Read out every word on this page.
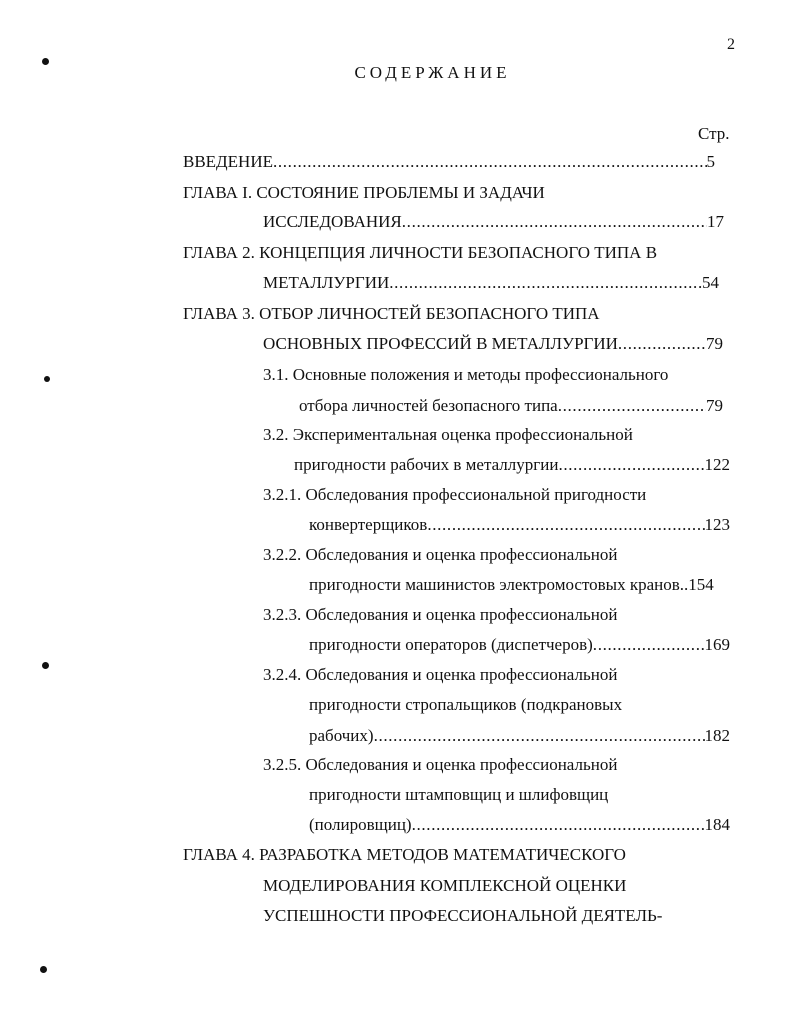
2
СОДЕРЖАНИЕ
Стр.
ВВЕДЕНИЕ . . .	5
ГЛАВА I. СОСТОЯНИЕ ПРОБЛЕМЫ И ЗАДАЧИ
ИССЛЕДОВАНИЯ . . .	17
ГЛАВА 2. КОНЦЕПЦИЯ ЛИЧНОСТИ БЕЗОПАСНОГО ТИПА В
МЕТАЛЛУРГИИ . . .	54
ГЛАВА 3. ОТБОР ЛИЧНОСТЕЙ БЕЗОПАСНОГО ТИПА
ОСНОВНЫХ ПРОФЕССИЙ В МЕТАЛЛУРГИИ . . .	79
3.1. Основные положения и методы профессионального
отбора личностей безопасного типа . . .	79
3.2. Экспериментальная оценка профессиональной
пригодности рабочих в металлургии . . .	122
3.2.1. Обследования профессиональной пригодности
конвертерщиков . . .	123
3.2.2. Обследования и оценка профессиональной
пригодности машинистов электромостовых кранов.. 154
3.2.3. Обследования и оценка профессиональной
пригодности операторов (диспетчеров) . . .	169
3.2.4. Обследования и оценка профессиональной
пригодности стропальщиков (подкрановых
рабочих) . . .	182
3.2.5. Обследования и оценка профессиональной
пригодности штамповщиц и шлифовщиц
(полировщиц) . . .	184
ГЛАВА 4. РАЗРАБОТКА МЕТОДОВ МАТЕМАТИЧЕСКОГО
МОДЕЛИРОВАНИЯ КОМПЛЕКСНОЙ ОЦЕНКИ
УСПЕШНОСТИ ПРОФЕССИОНАЛЬНОЙ ДЕЯТЕЛЬ-
